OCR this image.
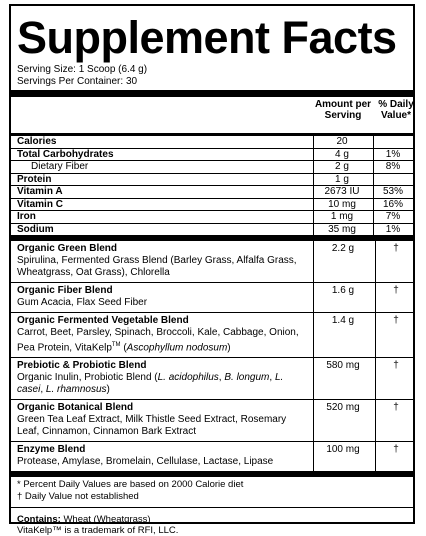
Supplement Facts
Serving Size: 1 Scoop (6.4 g)
Servings Per Container: 30
Amount per Serving
% Daily Value*
Calories	20
Total Carbohydrates	4 g	1%
Dietary Fiber	2 g	8%
Protein	1 g
Vitamin A	2673 IU	53%
Vitamin C	10 mg	16%
Iron	1 mg	7%
Sodium	35 mg	1%
Organic Green Blend
Spirulina, Fermented Grass Blend (Barley Grass, Alfalfa Grass, Wheatgrass, Oat Grass), Chlorella
2.2 g	†
Organic Fiber Blend
Gum Acacia, Flax Seed Fiber
1.6 g	†
Organic Fermented Vegetable Blend
Carrot, Beet, Parsley, Spinach, Broccoli, Kale, Cabbage, Onion, Pea Protein, VitaKelp™ (Ascophyllum nodosum)
1.4 g	†
Prebiotic & Probiotic Blend
Organic Inulin, Probiotic Blend (L. acidophilus, B. longum, L. casei, L. rhamnosus)
580 mg	†
Organic Botanical Blend
Green Tea Leaf Extract, Milk Thistle Seed Extract, Rosemary Leaf, Cinnamon, Cinnamon Bark Extract
520 mg	†
Enzyme Blend
Protease, Amylase, Bromelain, Cellulase, Lactase, Lipase
100 mg	†
* Percent Daily Values are based on 2000 Calorie diet
† Daily Value not established
Contains: Wheat (Wheatgrass)
VitaKelp™ is a trademark of RFI, LLC.
